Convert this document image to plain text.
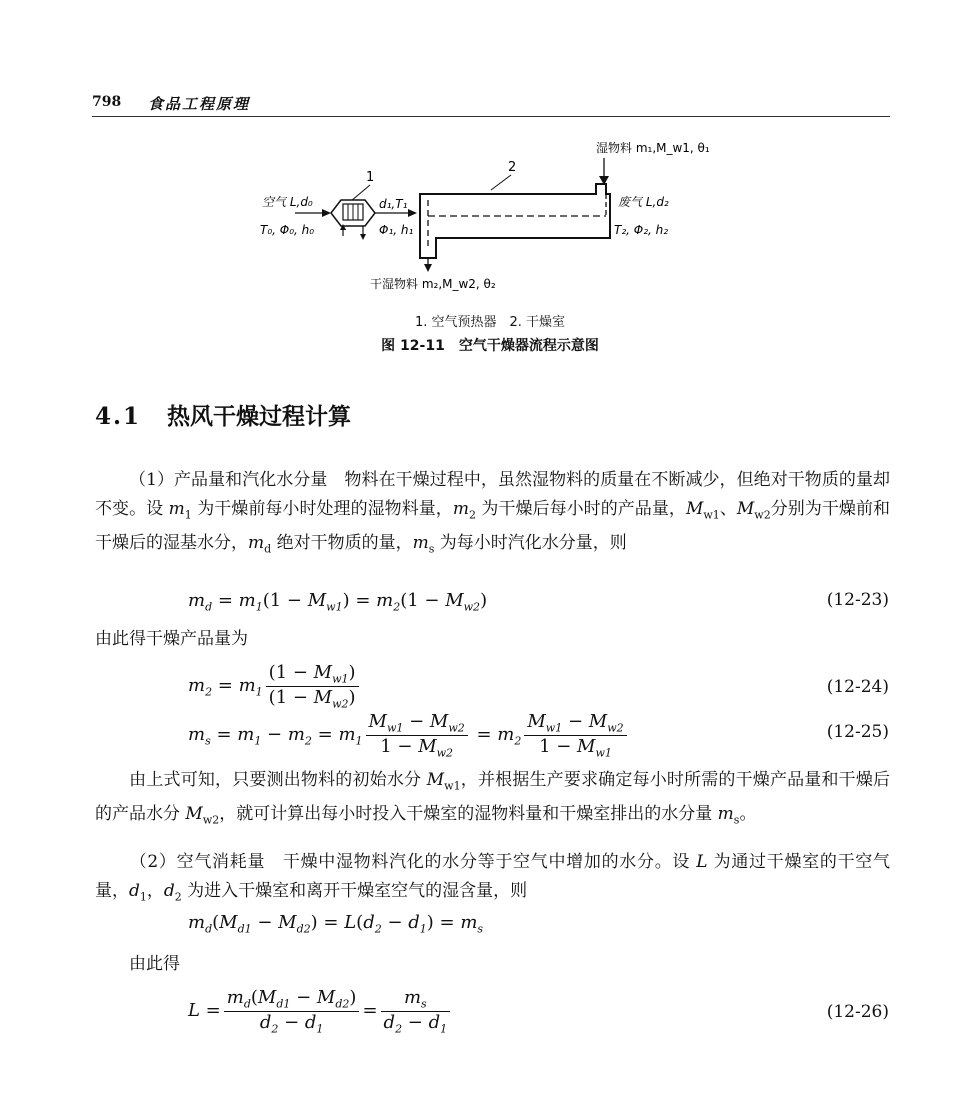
798 食品工程原理
湿物料 m₁,M_w1, θ₁
1
2
空气 L,d₀
T₀, Φ₀, h₀
d₁,T₁
Φ₁, h₁
废气 L,d₂
T₂, Φ₂, h₂
干湿物料 m₂,M_w2, θ₂
1. 空气预热器　2. 干燥室
图 12-11　空气干燥器流程示意图
4.1 热风干燥过程计算
（1）产品量和汽化水分量　物料在干燥过程中，虽然湿物料的质量在不断减少，但绝对干物质的量却不变。设 $m_1$ 为干燥前每小时处理的湿物料量，$m_2$ 为干燥后每小时的产品量，$M_{w1}$、$M_{w2}$分别为干燥前和干燥后的湿基水分，$m_d$ 绝对干物质的量，$m_s$ 为每小时汽化水分量，则
$m_d = m_1(1 - M_{w1}) = m_2(1 - M_{w2})$	(12-23)
由此得干燥产品量为
$m_2 = m_1 \frac{(1 - M_{w1})}{(1 - M_{w2})}$	(12-24)
$m_s = m_1 - m_2 = m_1 \frac{M_{w1} - M_{w2}}{1 - M_{w2}} = m_2 \frac{M_{w1} - M_{w2}}{1 - M_{w1}}$	(12-25)
由上式可知，只要测出物料的初始水分 $M_{w1}$，并根据生产要求确定每小时所需的干燥产品量和干燥后的产品水分 $M_{w2}$，就可计算出每小时投入干燥室的湿物料量和干燥室排出的水分量 $m_s$。
（2）空气消耗量　干燥中湿物料汽化的水分等于空气中增加的水分。设 L 为通过干燥室的干空气量，$d_1$，$d_2$ 为进入干燥室和离开干燥室空气的湿含量，则
$m_d(M_{d1} - M_{d2}) = L(d_2 - d_1) = m_s$
由此得
$L = \frac{m_d(M_{d1} - M_{d2})}{d_2 - d_1} = \frac{m_s}{d_2 - d_1}$	(12-26)
